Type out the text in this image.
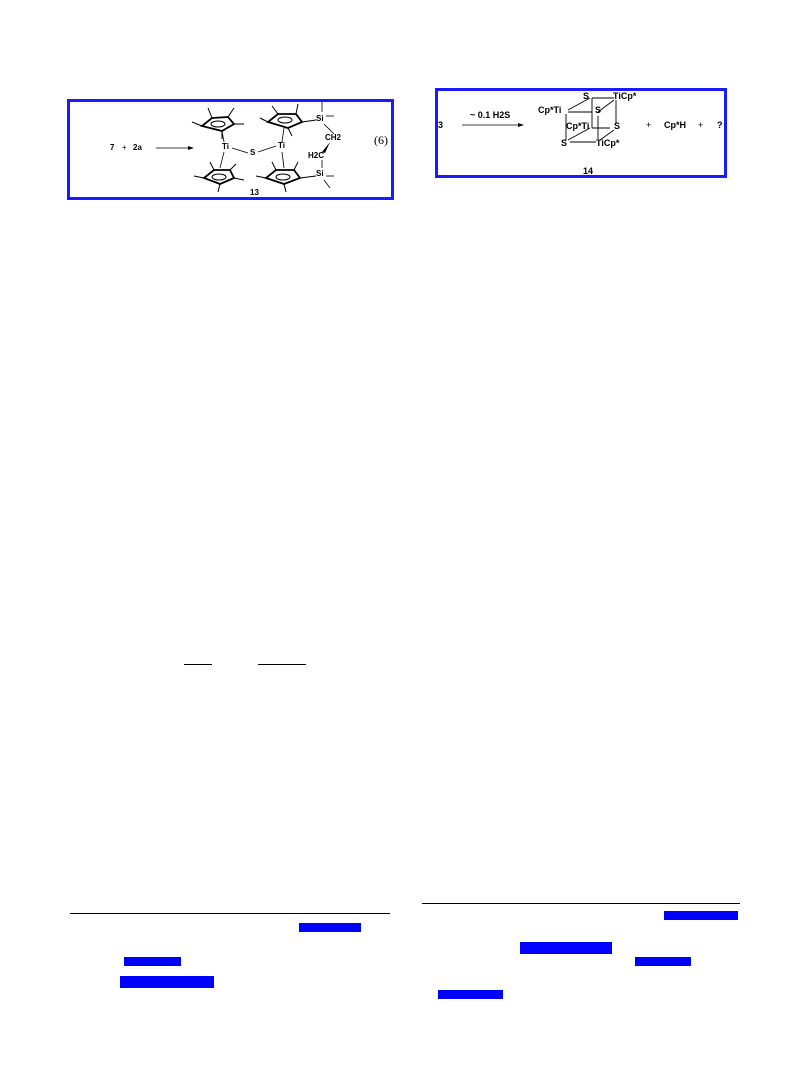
7 + 2a	Ti
S
Ti
Si
CH2
H2C
Si
13
(6)
3
~ 0.1 H2S
S	TiCp*
Cp*Ti	S
Cp*Ti	S
S	TiCp*
+ Cp*H + ?
14
